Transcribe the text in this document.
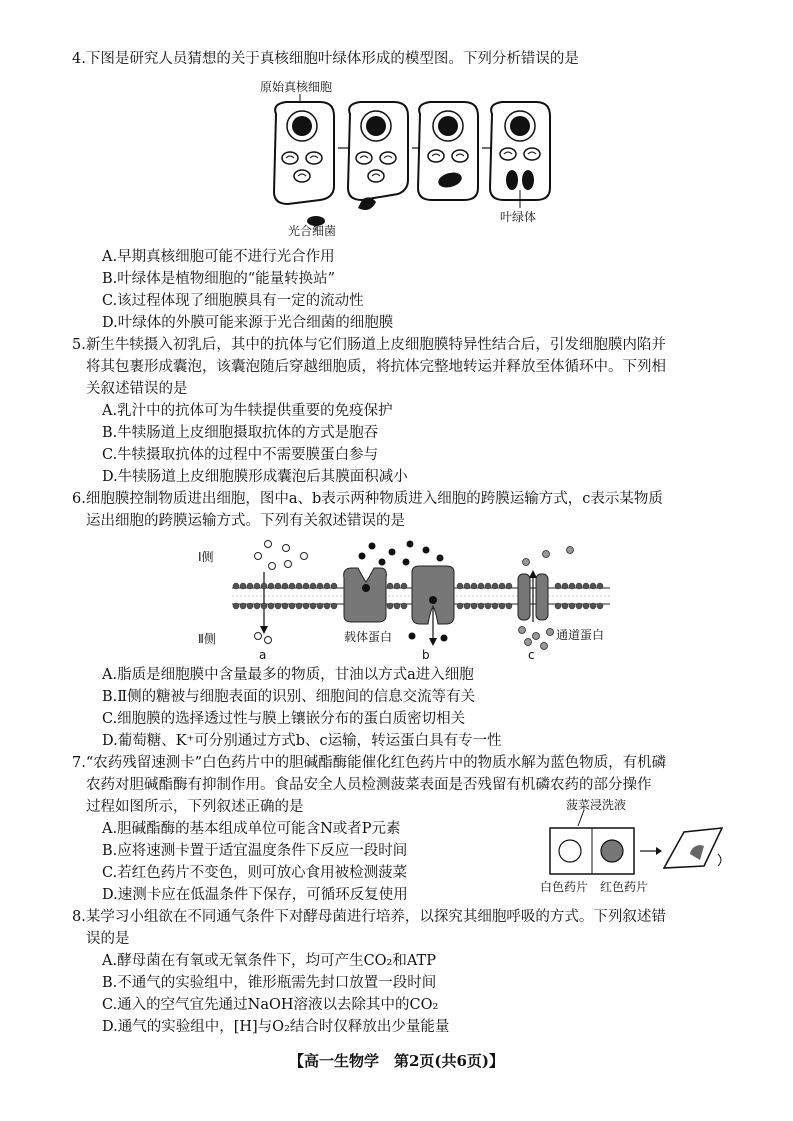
4.下图是研究人员猜想的关于真核细胞叶绿体形成的模型图。下列分析错误的是

原始真核细胞
光合细菌
叶绿体

A.早期真核细胞可能不进行光合作用

B.叶绿体是植物细胞的“能量转换站”

C.该过程体现了细胞膜具有一定的流动性

D.叶绿体的外膜可能来源于光合细菌的细胞膜

5.新生牛犊摄入初乳后，其中的抗体与它们肠道上皮细胞膜特异性结合后，引发细胞膜内陷并

将其包裹形成囊泡，该囊泡随后穿越细胞质，将抗体完整地转运并释放至体循环中。下列相

关叙述错误的是

A.乳汁中的抗体可为牛犊提供重要的免疫保护

B.牛犊肠道上皮细胞摄取抗体的方式是胞吞

C.牛犊摄取抗体的过程中不需要膜蛋白参与

D.牛犊肠道上皮细胞膜形成囊泡后其膜面积减小

6.细胞膜控制物质进出细胞，图中a、b表示两种物质进入细胞的跨膜运输方式，c表示某物质

运出细胞的跨膜运输方式。下列有关叙述错误的是

Ⅰ侧
Ⅱ侧	载体蛋白	通道蛋白
a	b	c

A.脂质是细胞膜中含量最多的物质，甘油以方式a进入细胞

B.Ⅱ侧的糖被与细胞表面的识别、细胞间的信息交流等有关

C.细胞膜的选择透过性与膜上镶嵌分布的蛋白质密切相关

D.葡萄糖、K⁺可分别通过方式b、c运输，转运蛋白具有专一性

7.“农药残留速测卡”白色药片中的胆碱酯酶能催化红色药片中的物质水解为蓝色物质，有机磷

农药对胆碱酯酶有抑制作用。食品安全人员检测菠菜表面是否残留有机磷农药的部分操作

过程如图所示，下列叙述正确的是

A.胆碱酯酶的基本组成单位可能含N或者P元素

B.应将速测卡置于适宜温度条件下反应一段时间

C.若红色药片不变色，则可放心食用被检测菠菜

D.速测卡应在低温条件下保存，可循环反复使用

菠菜浸洗液
白色药片 红色药片

8.某学习小组欲在不同通气条件下对酵母菌进行培养，以探究其细胞呼吸的方式。下列叙述错

误的是

A.酵母菌在有氧或无氧条件下，均可产生CO₂和ATP

B.不通气的实验组中，锥形瓶需先封口放置一段时间

C.通入的空气宜先通过NaOH溶液以去除其中的CO₂

D.通气的实验组中，[H]与O₂结合时仅释放出少量能量

【高一生物学　第2页(共6页)】
